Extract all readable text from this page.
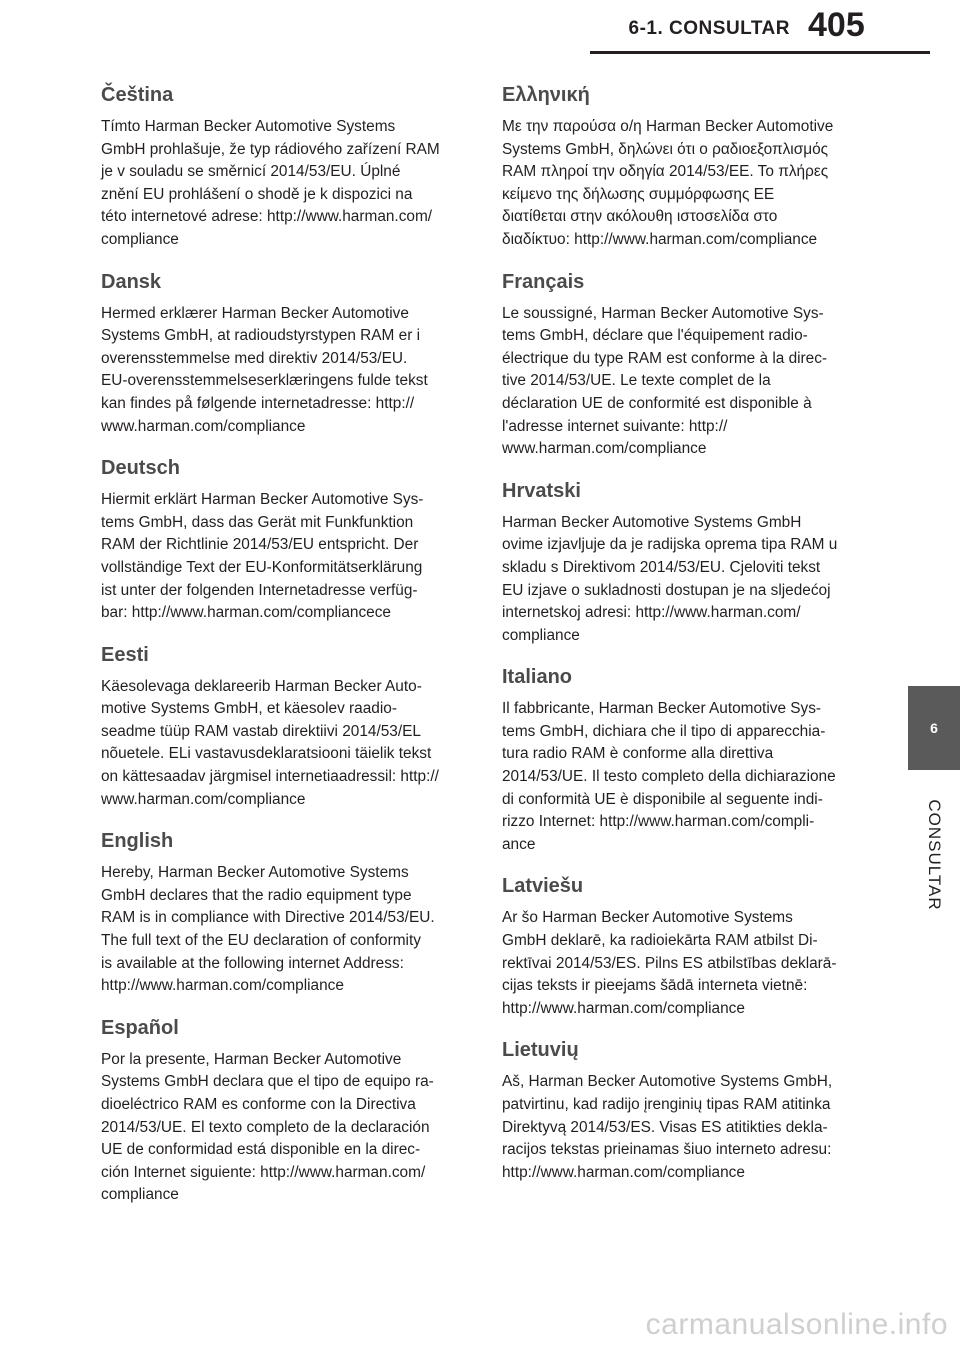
6-1. CONSULTAR 405
Čeština

Tímto Harman Becker Automotive Systems
GmbH prohlašuje, že typ rádiového zařízení RAM
je v souladu se směrnicí 2014/53/EU. Úplné
znění EU prohlášení o shodě je k dispozici na
této internetové adrese: http://www.harman.com/
compliance

Dansk

Hermed erklærer Harman Becker Automotive
Systems GmbH, at radioudstyrstypen RAM er i
overensstemmelse med direktiv 2014/53/EU.
EU-overensstemmelseserklæringens fulde tekst
kan findes på følgende internetadresse: http://
www.harman.com/compliance

Deutsch

Hiermit erklärt Harman Becker Automotive Sys-
tems GmbH, dass das Gerät mit Funkfunktion
RAM der Richtlinie 2014/53/EU entspricht. Der
vollständige Text der EU-Konformitätserklärung
ist unter der folgenden Internetadresse verfüg-
bar: http://www.harman.com/compliancece

Eesti

Käesolevaga deklareerib Harman Becker Auto-
motive Systems GmbH, et käesolev raadio-
seadme tüüp RAM vastab direktiivi 2014/53/EL
nõuetele. ELi vastavusdeklaratsiooni täielik tekst
on kättesaadav järgmisel internetiaadressil: http://
www.harman.com/compliance

English

Hereby, Harman Becker Automotive Systems
GmbH declares that the radio equipment type
RAM is in compliance with Directive 2014/53/EU.
The full text of the EU declaration of conformity
is available at the following internet Address:
http://www.harman.com/compliance

Español

Por la presente, Harman Becker Automotive
Systems GmbH declara que el tipo de equipo ra-
dioeléctrico RAM es conforme con la Directiva
2014/53/UE. El texto completo de la declaración
UE de conformidad está disponible en la direc-
ción Internet siguiente: http://www.harman.com/
compliance

Ελληνική

Με την παρούσα ο/η Harman Becker Automotive
Systems GmbH, δηλώνει ότι ο ραδιοεξοπλισμός
RAM πληροί την οδηγία 2014/53/ΕΕ. Το πλήρες
κείμενο της δήλωσης συμμόρφωσης ΕΕ
διατίθεται στην ακόλουθη ιστοσελίδα στο
διαδίκτυο: http://www.harman.com/compliance

Français

Le soussigné, Harman Becker Automotive Sys-
tems GmbH, déclare que l'équipement radio-
électrique du type RAM est conforme à la direc-
tive 2014/53/UE. Le texte complet de la
déclaration UE de conformité est disponible à
l'adresse internet suivante: http://
www.harman.com/compliance

Hrvatski

Harman Becker Automotive Systems GmbH
ovime izjavljuje da je radijska oprema tipa RAM u
skladu s Direktivom 2014/53/EU. Cjeloviti tekst
EU izjave o sukladnosti dostupan je na sljedećoj
internetskoj adresi: http://www.harman.com/
compliance

Italiano

Il fabbricante, Harman Becker Automotive Sys-
tems GmbH, dichiara che il tipo di apparecchia-
tura radio RAM è conforme alla direttiva
2014/53/UE. Il testo completo della dichiarazione
di conformità UE è disponibile al seguente indi-
rizzo Internet: http://www.harman.com/compli-
ance

Latviešu

Ar šo Harman Becker Automotive Systems
GmbH deklarē, ka radioiekārta RAM atbilst Di-
rektīvai 2014/53/ES. Pilns ES atbilstības deklarā-
cijas teksts ir pieejams šādā interneta vietnē:
http://www.harman.com/compliance

Lietuvių

Aš, Harman Becker Automotive Systems GmbH,
patvirtinu, kad radijo įrenginių tipas RAM atitinka
Direktyvą 2014/53/ES. Visas ES atitikties dekla-
racijos tekstas prieinamas šiuo interneto adresu:
http://www.harman.com/compliance

6
CONSULTAR
carmanualsonline.info
